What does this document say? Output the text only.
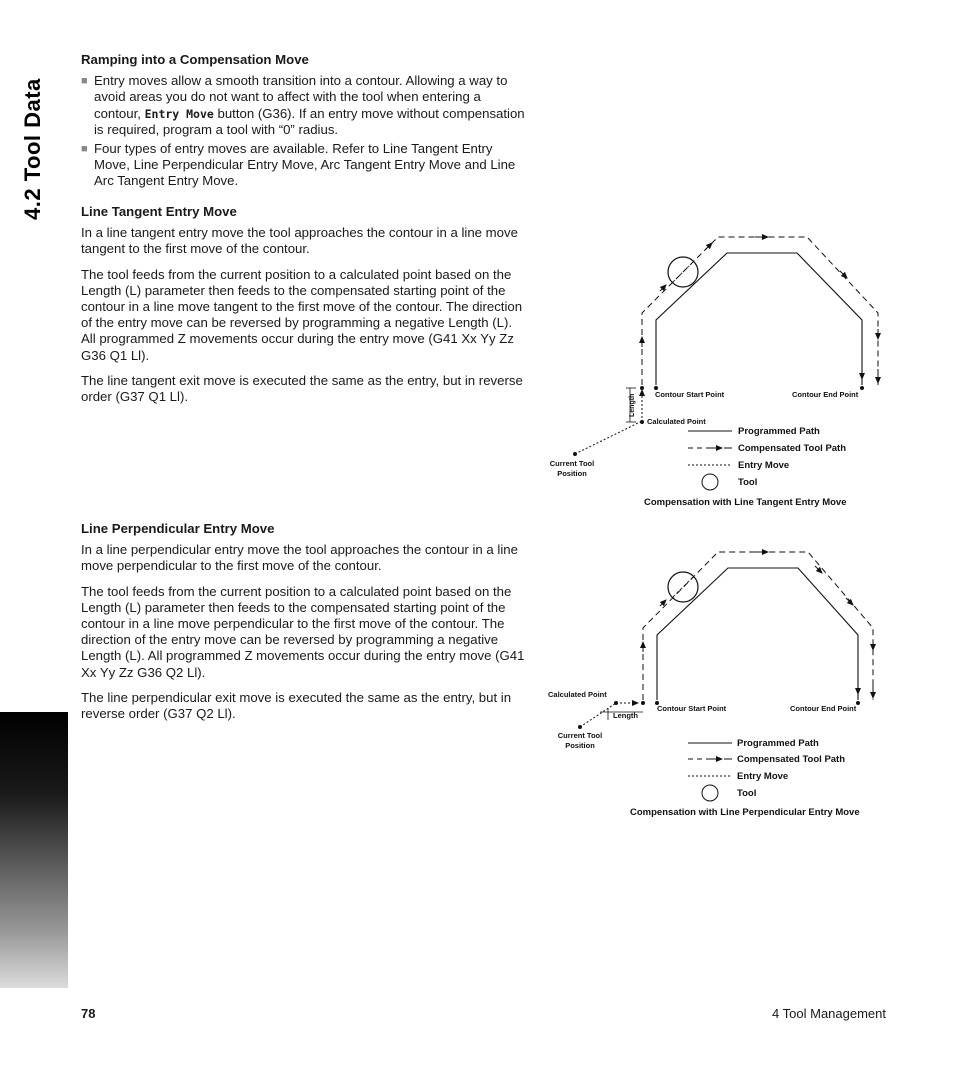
4.2 Tool Data
Ramping into a Compensation Move
■ Entry moves allow a smooth transition into a contour. Allowing a way to avoid areas you do not want to affect with the tool when entering a contour, Entry Move button (G36). If an entry move without compensation is required, program a tool with “0” radius.
■ Four types of entry moves are available. Refer to Line Tangent Entry Move, Line Perpendicular Entry Move, Arc Tangent Entry Move and Line Arc Tangent Entry Move.
Line Tangent Entry Move

In a line tangent entry move the tool approaches the contour in a line move tangent to the first move of the contour.

The tool feeds from the current position to a calculated point based on the Length (L) parameter then feeds to the compensated starting point of the contour in a line move tangent to the first move of the contour. The direction of the entry move can be reversed by programming a negative Length (L). All programmed Z movements occur during the entry move (G41 Xx Yy Zz G36 Q1 Ll).

The line tangent exit move is executed the same as the entry, but in reverse order (G37 Q1 Ll).

Line Perpendicular Entry Move

In a line perpendicular entry move the tool approaches the contour in a line move perpendicular to the first move of the contour.

The tool feeds from the current position to a calculated point based on the Length (L) parameter then feeds to the compensated starting point of the contour in a line move perpendicular to the first move of the contour. The direction of the entry move can be reversed by programming a negative Length (L). All programmed Z movements occur during the entry move (G41 Xx Yy Zz G36 Q2 Ll).

The line perpendicular exit move is executed the same as the entry, but in reverse order (G37 Q2 Ll).

Length	Contour Start Point	Contour End Point
Calculated Point
Current Tool
Position
Programmed Path
Compensated Tool Path
Entry Move
Tool
Compensation with Line Tangent Entry Move
Length
Calculated Point
Contour Start Point	Contour End Point
Current Tool
Position	Programmed Path
Compensated Tool Path
Entry Move
Tool
Compensation with Line Perpendicular Entry Move
78	4 Tool Management
